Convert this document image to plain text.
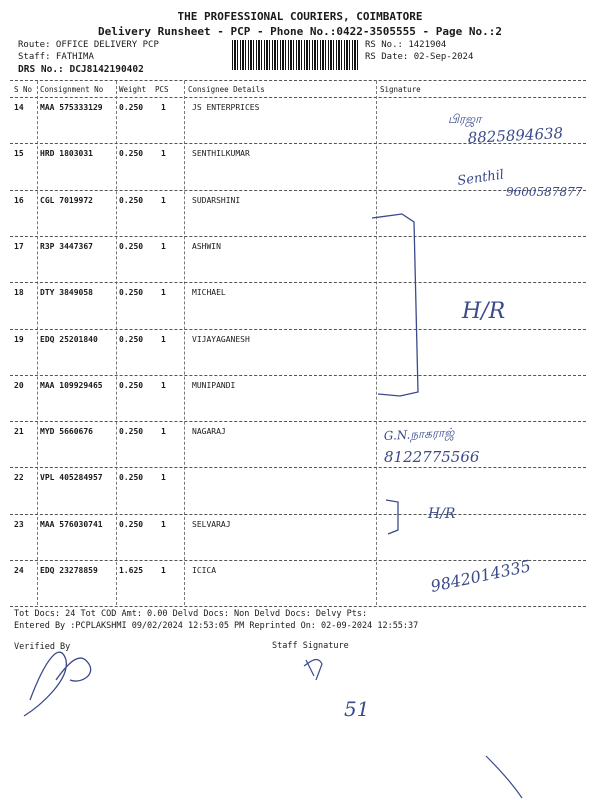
THE PROFESSIONAL COURIERS, COIMBATORE
Delivery Runsheet - PCP - Phone No.:0422-3505555 - Page No.:2
Route: OFFICE DELIVERY PCP
Staff: FATHIMA
DRS No.: DCJ8142190402
RS No.: 1421904
RS Date: 02-Sep-2024
S No Consignment No Weight PCS	Consignee Details	Signature
14 MAA 575333129 0.250 1	JS ENTERPRICES
15 HRD 1803031	0.250 1	SENTHILKUMAR
16 CGL 7019972	0.250 1	SUDARSHINI
17 R3P 3447367	0.250 1	ASHWIN
18 DTY 3849058	0.250 1	MICHAEL
19 EDQ 25201840	0.250 1	VIJAYAGANESH
20 MAA 109929465 0.250 1	MUNIPANDI
21 MYD 5660676	0.250 1	NAGARAJ
22 VPL 405284957 0.250 1
23 MAA 576030741 0.250 1	SELVARAJ
24 EDQ 23278859	1.625 1	ICICA
Tot Docs: 24 Tot COD Amt: 0.00 Delvd Docs: Non Delvd Docs: Delvy Pts:
Entered By :PCPLAKSHMI 09/02/2024 12:53:05 PM Reprinted On: 02-09-2024 12:55:37
Verified By	Staff Signature
பிரஜா
8825894638
Senthil
9600587877
H/R
G.N.நாகராஜ்
8122775566
H/R
9842014335
51
